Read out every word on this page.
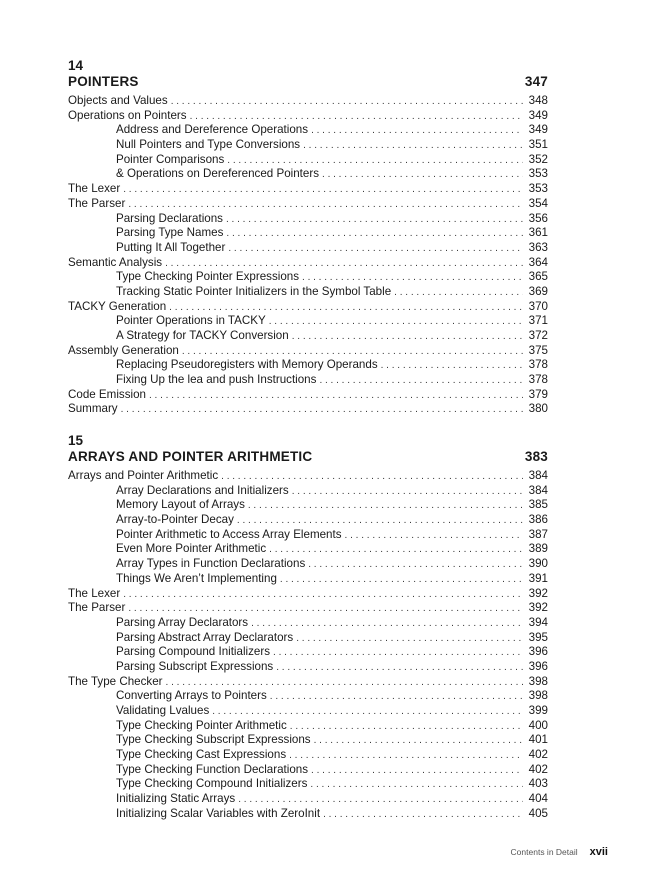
14
POINTERS	347
Objects and Values . . .	348
Operations on Pointers . . .	349
Address and Dereference Operations . . .	349
Null Pointers and Type Conversions . . .	351
Pointer Comparisons . . .	352
& Operations on Dereferenced Pointers . . .	353
The Lexer . . .	353
The Parser . . .	354
Parsing Declarations . . .	356
Parsing Type Names . . .	361
Putting It All Together . . .	363
Semantic Analysis . . .	364
Type Checking Pointer Expressions . . .	365
Tracking Static Pointer Initializers in the Symbol Table . . .	369
TACKY Generation . . .	370
Pointer Operations in TACKY . . .	371
A Strategy for TACKY Conversion . . .	372
Assembly Generation . . .	375
Replacing Pseudoregisters with Memory Operands . . .	378
Fixing Up the lea and push Instructions . . .	378
Code Emission . . .	379
Summary . . .	380
15
ARRAYS AND POINTER ARITHMETIC	383
Arrays and Pointer Arithmetic . . .	384
Array Declarations and Initializers . . .	384
Memory Layout of Arrays . . .	385
Array-to-Pointer Decay . . .	386
Pointer Arithmetic to Access Array Elements . . .	387
Even More Pointer Arithmetic . . .	389
Array Types in Function Declarations . . .	390
Things We Aren’t Implementing . . .	391
The Lexer . . .	392
The Parser . . .	392
Parsing Array Declarators . . .	394
Parsing Abstract Array Declarators . . .	395
Parsing Compound Initializers . . .	396
Parsing Subscript Expressions . . .	396
The Type Checker . . .	398
Converting Arrays to Pointers . . .	398
Validating Lvalues . . .	399
Type Checking Pointer Arithmetic . . .	400
Type Checking Subscript Expressions . . .	401
Type Checking Cast Expressions . . .	402
Type Checking Function Declarations . . .	402
Type Checking Compound Initializers . . .	403
Initializing Static Arrays . . .	404
Initializing Scalar Variables with ZeroInit . . .	405
Contents in Detail xvii
